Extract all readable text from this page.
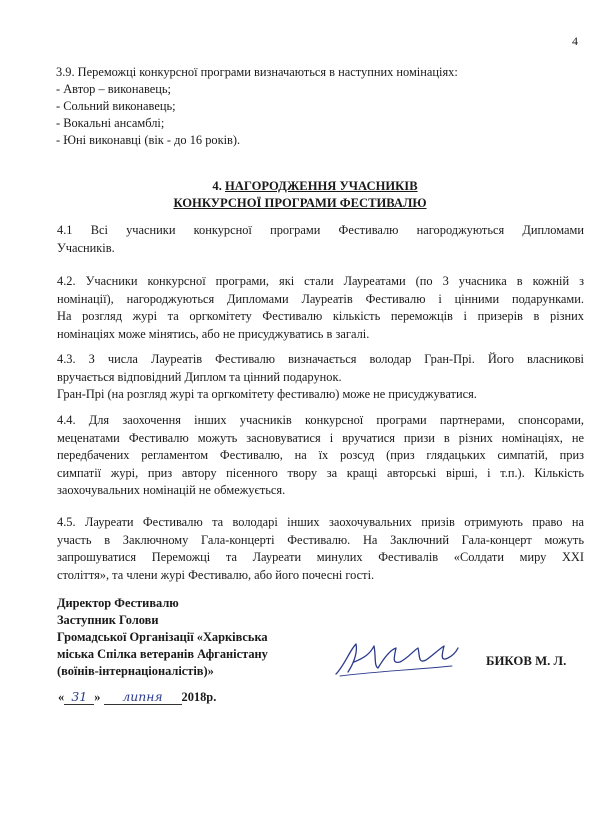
4
3.9. Переможці конкурсної програми визначаються в наступних номінаціях:
- Автор – виконавець;
- Сольний виконавець;
- Вокальні ансамблі;
- Юні виконавці (вік - до 16 років).
4. НАГОРОДЖЕННЯ УЧАСНИКІВ
КОНКУРСНОЇ ПРОГРАМИ ФЕСТИВАЛЮ
4.1 Всі учасники конкурсної програми Фестивалю нагороджуються Дипломами
Учасників.
4.2. Учасники конкурсної програми, які стали Лауреатами (по 3 учасника в кожній з
номінації), нагороджуються Дипломами Лауреатів Фестивалю і цінними подарунками.
На розгляд журі та оргкомітету Фестивалю кількість переможців і призерів в різних
номінаціях може мінятись, або не присуджуватись в загалі.
4.3. З числа Лауреатів Фестивалю визначається володар Гран-Прі. Його власникові
вручається відповідний Диплом та цінний подарунок.
Гран-Прі (на розгляд журі та оргкомітету фестивалю) може не присуджуватися.
4.4. Для заохочення інших учасників конкурсної програми партнерами, спонсорами,
меценатами Фестивалю можуть засновуватися і вручатися призи в різних номінаціях, не
передбачених регламентом Фестивалю, на їх розсуд (приз глядацьких симпатій, приз
симпатії журі, приз автору пісенного твору за кращі авторські вірші, і т.п.). Кількість
заохочувальних номінацій не обмежується.
4.5. Лауреати Фестивалю та володарі інших заохочувальних призів отримують право на
участь в Заключному Гала-концерті Фестивалю. На Заключний Гала-концерт можуть
запрошуватися Переможці та Лауреати минулих Фестивалів «Солдати миру XXI
століття», та члени журі Фестивалю, або його почесні гості.
Директор Фестивалю
Заступник Голови
Громадської Організації «Харківська
міська Спілка ветеранів Афганістану
(воїнів-інтернаціоналістів)»
БИКОВ М. Л.
« 31 » липня 2018р.
